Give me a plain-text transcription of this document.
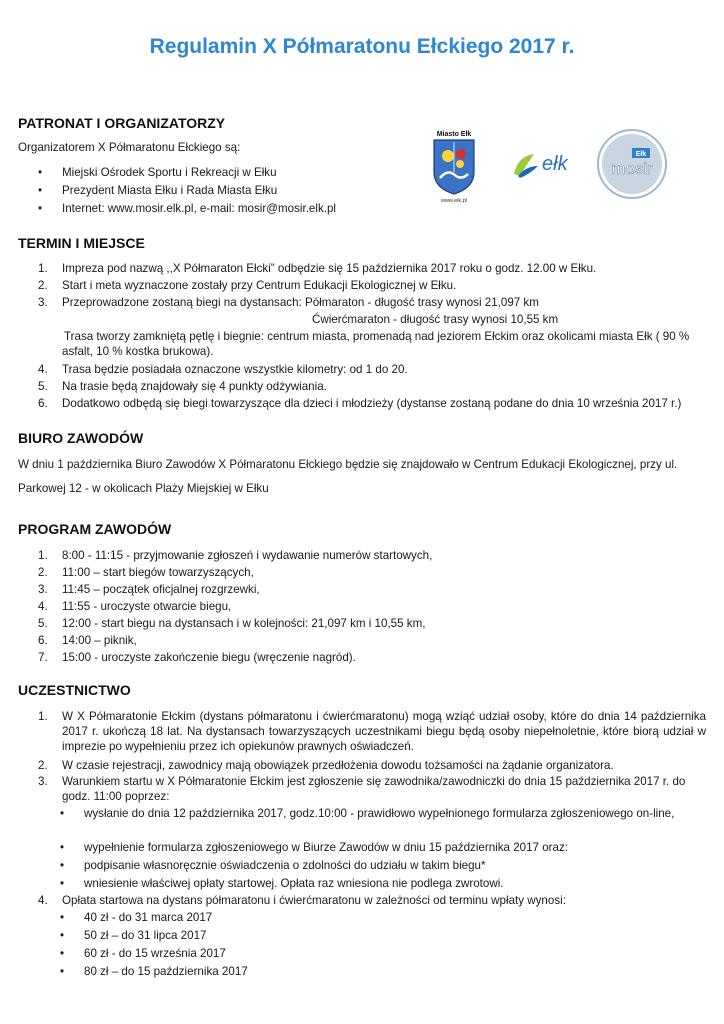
Regulamin X Półmaratonu Ełckiego 2017 r.
Miasto Ełk
www.elk.pl
ełk	Ełk
mosir
PATRONAT I ORGANIZATORZY

Organizatorem X Półmaratonu Ełckiego są:

• Miejski Ośrodek Sportu i Rekreacji w Ełku

• Prezydent Miasta Ełku i Rada Miasta Ełku

• Internet: www.mosir.elk.pl, e-mail: mosir@mosir.elk.pl

TERMIN I MIEJSCE

1. Impreza pod nazwą ,,X Półmaraton Ełcki” odbędzie się 15 października 2017 roku o godz. 12.00 w Ełku.

2. Start i meta wyznaczone zostały przy Centrum Edukacji Ekologicznej w Ełku.

3. Przeprowadzone zostaną biegi na dystansach: Półmaraton - długość trasy wynosi 21,097 km

Ćwierćmaraton - długość trasy wynosi 10,55 km

Trasa tworzy zamkniętą pętlę i biegnie: centrum miasta, promenadą nad jeziorem Ełckim oraz okolicami miasta Ełk ( 90 % asfalt, 10 % kostka brukowa).

4. Trasa będzie posiadała oznaczone wszystkie kilometry: od 1 do 20.

5. Na trasie będą znajdowały się 4 punkty odżywiania.

6. Dodatkowo odbędą się biegi towarzyszące dla dzieci i młodzieży (dystanse zostaną podane do dnia 10 września 2017 r.)

BIURO ZAWODÓW

W dniu 1 października Biuro Zawodów X Półmaratonu Ełckiego będzie się znajdowało w Centrum Edukacji Ekologicznej, przy ul.

Parkowej 12 - w okolicach Plaży Miejskiej w Ełku

PROGRAM ZAWODÓW

1. 8:00 - 11:15 - przyjmowanie zgłoszeń i wydawanie numerów startowych,

2. 11:00 – start biegów towarzyszących,

3. 11:45 – początek oficjalnej rozgrzewki,

4. 11:55 - uroczyste otwarcie biegu,

5. 12:00 - start biegu na dystansach i w kolejności: 21,097 km i 10,55 km,

6. 14:00 – piknik,

7. 15:00 - uroczyste zakończenie biegu (wręczenie nagród).

UCZESTNICTWO

1. W X Półmaratonie Ełckim (dystans półmaratonu i ćwierćmaratonu) mogą wziąć udział osoby, które do dnia 14 października 2017 r. ukończą 18 lat. Na dystansach towarzyszących uczestnikami biegu będą osoby niepełnoletnie, które biorą udział w imprezie po wypełnieniu przez ich opiekunów prawnych oświadczeń.

2. W czasie rejestracji, zawodnicy mają obowiązek przedłożenia dowodu tożsamości na żądanie organizatora.

3. Warunkiem startu w X Półmaratonie Ełckim jest zgłoszenie się zawodnika/zawodniczki do dnia 15 października 2017 r. do godz. 11:00 poprzez:

• wysłanie do dnia 12 października 2017, godz.10:00 - prawidłowo wypełnionego formularza zgłoszeniowego on-line,

• wypełnienie formularza zgłoszeniowego w Biurze Zawodów w dniu 15 października 2017 oraz:

• podpisanie własnoręcznie oświadczenia o zdolności do udziału w takim biegu*

• wniesienie właściwej opłaty startowej. Opłata raz wniesiona nie podlega zwrotowi.

4. Opłata startowa na dystans półmaratonu i ćwierćmaratonu w zależności od terminu wpłaty wynosi:

• 40 zł - do 31 marca 2017

• 50 zł – do 31 lipca 2017

• 60 zł - do 15 września 2017

• 80 zł – do 15 października 2017
